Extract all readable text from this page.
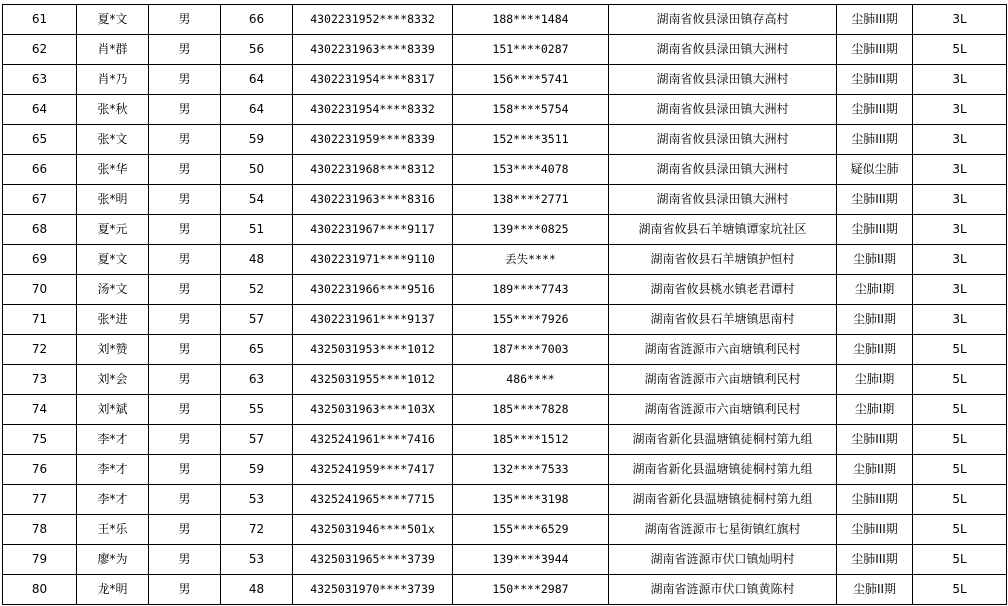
61	夏*文	男	66	4302231952****8332	188****1484	湖南省攸县渌田镇存高村	尘肺III期	3L
62	肖*群	男	56	4302231963****8339	151****0287	湖南省攸县渌田镇大洲村	尘肺III期	5L
63	肖*乃	男	64	4302231954****8317	156****5741	湖南省攸县渌田镇大洲村	尘肺III期	3L
64	张*秋	男	64	4302231954****8332	158****5754	湖南省攸县渌田镇大洲村	尘肺III期	3L
65	张*文	男	59	4302231959****8339	152****3511	湖南省攸县渌田镇大洲村	尘肺III期	3L
66	张*华	男	50	4302231968****8312	153****4078	湖南省攸县渌田镇大洲村	疑似尘肺	3L
67	张*明	男	54	4302231963****8316	138****2771	湖南省攸县渌田镇大洲村	尘肺III期	3L
68	夏*元	男	51	4302231967****9117	139****0825	湖南省攸县石羊塘镇谭家坑社区	尘肺III期	3L
69	夏*文	男	48	4302231971****9110	丢失****	湖南省攸县石羊塘镇护恒村	尘肺II期	3L
70	汤*文	男	52	4302231966****9516	189****7743	湖南省攸县桃水镇老君谭村	尘肺I期	3L
71	张*进	男	57	4302231961****9137	155****7926	湖南省攸县石羊塘镇思南村	尘肺II期	3L
72	刘*赞	男	65	4325031953****1012	187****7003	湖南省涟源市六亩塘镇利民村	尘肺II期	5L
73	刘*会	男	63	4325031955****1012	486****	湖南省涟源市六亩塘镇利民村	尘肺I期	5L
74	刘*斌	男	55	4325031963****103X	185****7828	湖南省涟源市六亩塘镇利民村	尘肺I期	5L
75	李*才	男	57	4325241961****7416	185****1512	湖南省新化县温塘镇徒桐村第九组	尘肺III期	5L
76	李*才	男	59	4325241959****7417	132****7533	湖南省新化县温塘镇徒桐村第九组	尘肺II期	5L
77	李*才	男	53	4325241965****7715	135****3198	湖南省新化县温塘镇徒桐村第九组	尘肺III期	5L
78	王*乐	男	72	4325031946****501x	155****6529	湖南省涟源市七星街镇红旗村	尘肺III期	5L
79	廖*为	男	53	4325031965****3739	139****3944	湖南省涟源市伏口镇灿明村	尘肺III期	5L
80	龙*明	男	48	4325031970****3739	150****2987	湖南省涟源市伏口镇黄陈村	尘肺II期	5L
